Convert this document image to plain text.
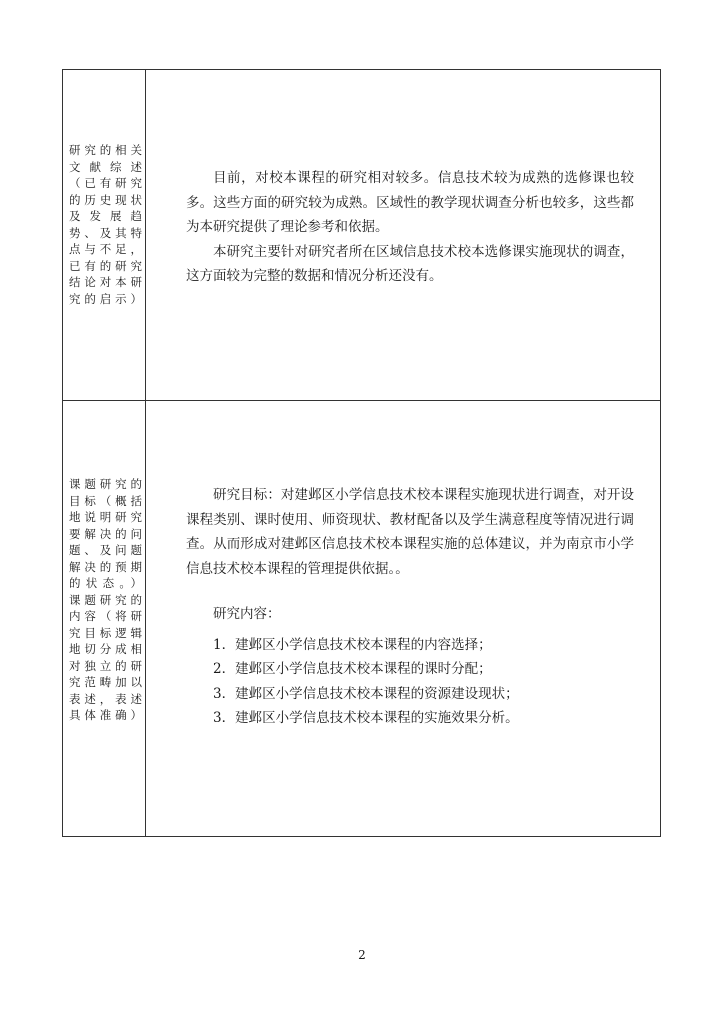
研究的相关
文 献 综 述
（已有研究
的历史现状
及 发 展 趋
势、及其特
点与不足，
已有的研究
结论对本研
究的启示）

目前，对校本课程的研究相对较多。信息技术较为成熟的选修课也较多。这些方面的研究较为成熟。区域性的教学现状调查分析也较多，这些都为本研究提供了理论参考和依据。

本研究主要针对研究者所在区域信息技术校本选修课实施现状的调查，这方面较为完整的数据和情况分析还没有。

课题研究的
目标（概括
地说明研究
要解决的问
题、及问题
解决的预期
的状态。）
课题研究的
内容（将研
究目标逻辑
地切分成相
对独立的研
究范畴加以
表述，表述
具体准确）

研究目标：对建邺区小学信息技术校本课程实施现状进行调查，对开设课程类别、课时使用、师资现状、教材配备以及学生满意程度等情况进行调查。从而形成对建邺区信息技术校本课程实施的总体建议，并为南京市小学信息技术校本课程的管理提供依据。。

研究内容：

1．建邺区小学信息技术校本课程的内容选择；
2．建邺区小学信息技术校本课程的课时分配；
3．建邺区小学信息技术校本课程的资源建设现状；
3．建邺区小学信息技术校本课程的实施效果分析。
2
